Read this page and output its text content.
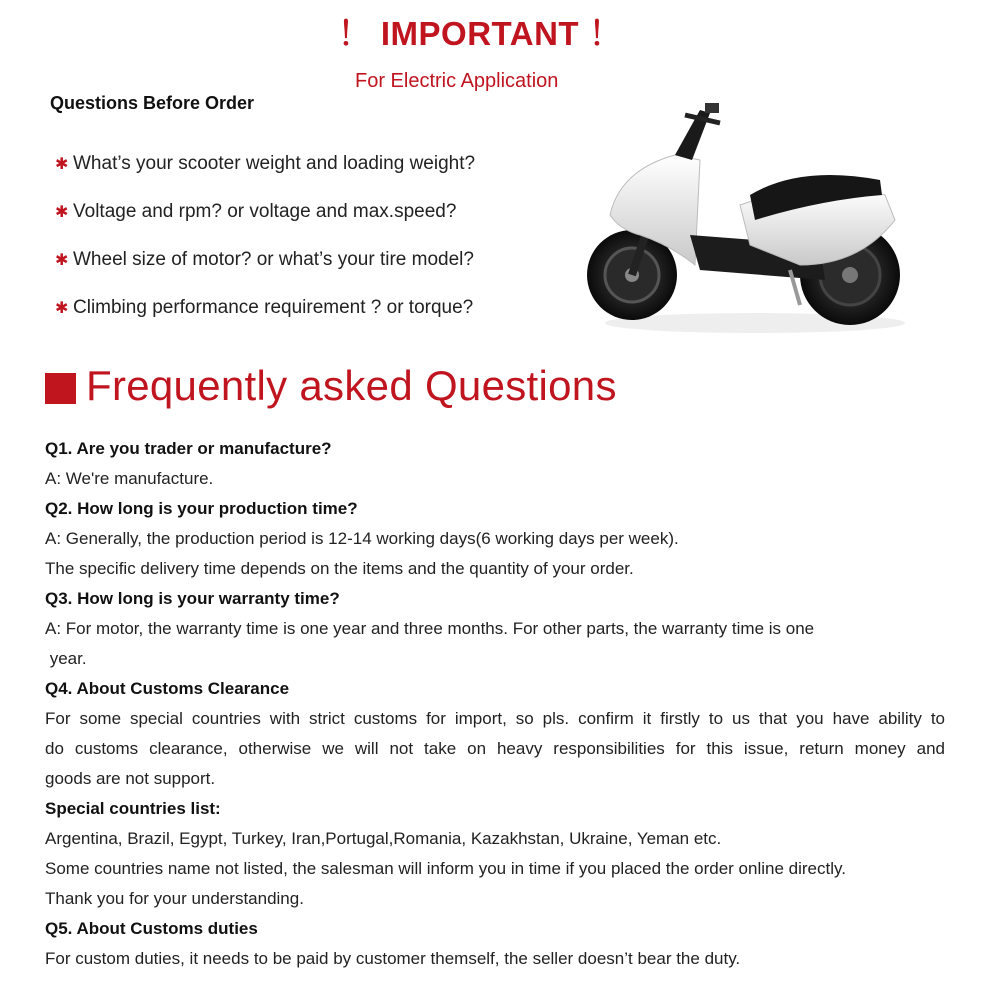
！ IMPORTANT ！
For Electric Application
Questions Before Order
✱ What’s your scooter weight and loading weight?
✱ Voltage and rpm? or voltage and max.speed?
✱ Wheel size of motor? or what’s your tire model?
✱ Climbing performance requirement ? or torque?
Frequently asked Questions
Q1. Are you trader or manufacture?
A: We're manufacture.
Q2. How long is your production time?
A: Generally, the production period is 12-14 working days(6 working days per week).
The specific delivery time depends on the items and the quantity of your order.
Q3. How long is your warranty time?
A: For motor, the warranty time is one year and three months. For other parts, the warranty time is one
year.
Q4. About Customs Clearance
For some special countries with strict customs for import, so pls. confirm it firstly to us that you have ability to
do customs clearance, otherwise we will not take on heavy responsibilities for this issue, return money and
goods are not support.
Special countries list:
Argentina, Brazil, Egypt, Turkey, Iran,Portugal,Romania, Kazakhstan, Ukraine, Yeman etc.
Some countries name not listed, the salesman will inform you in time if you placed the order online directly.
Thank you for your understanding.
Q5. About Customs duties
For custom duties, it needs to be paid by customer themself, the seller doesn’t bear the duty.
